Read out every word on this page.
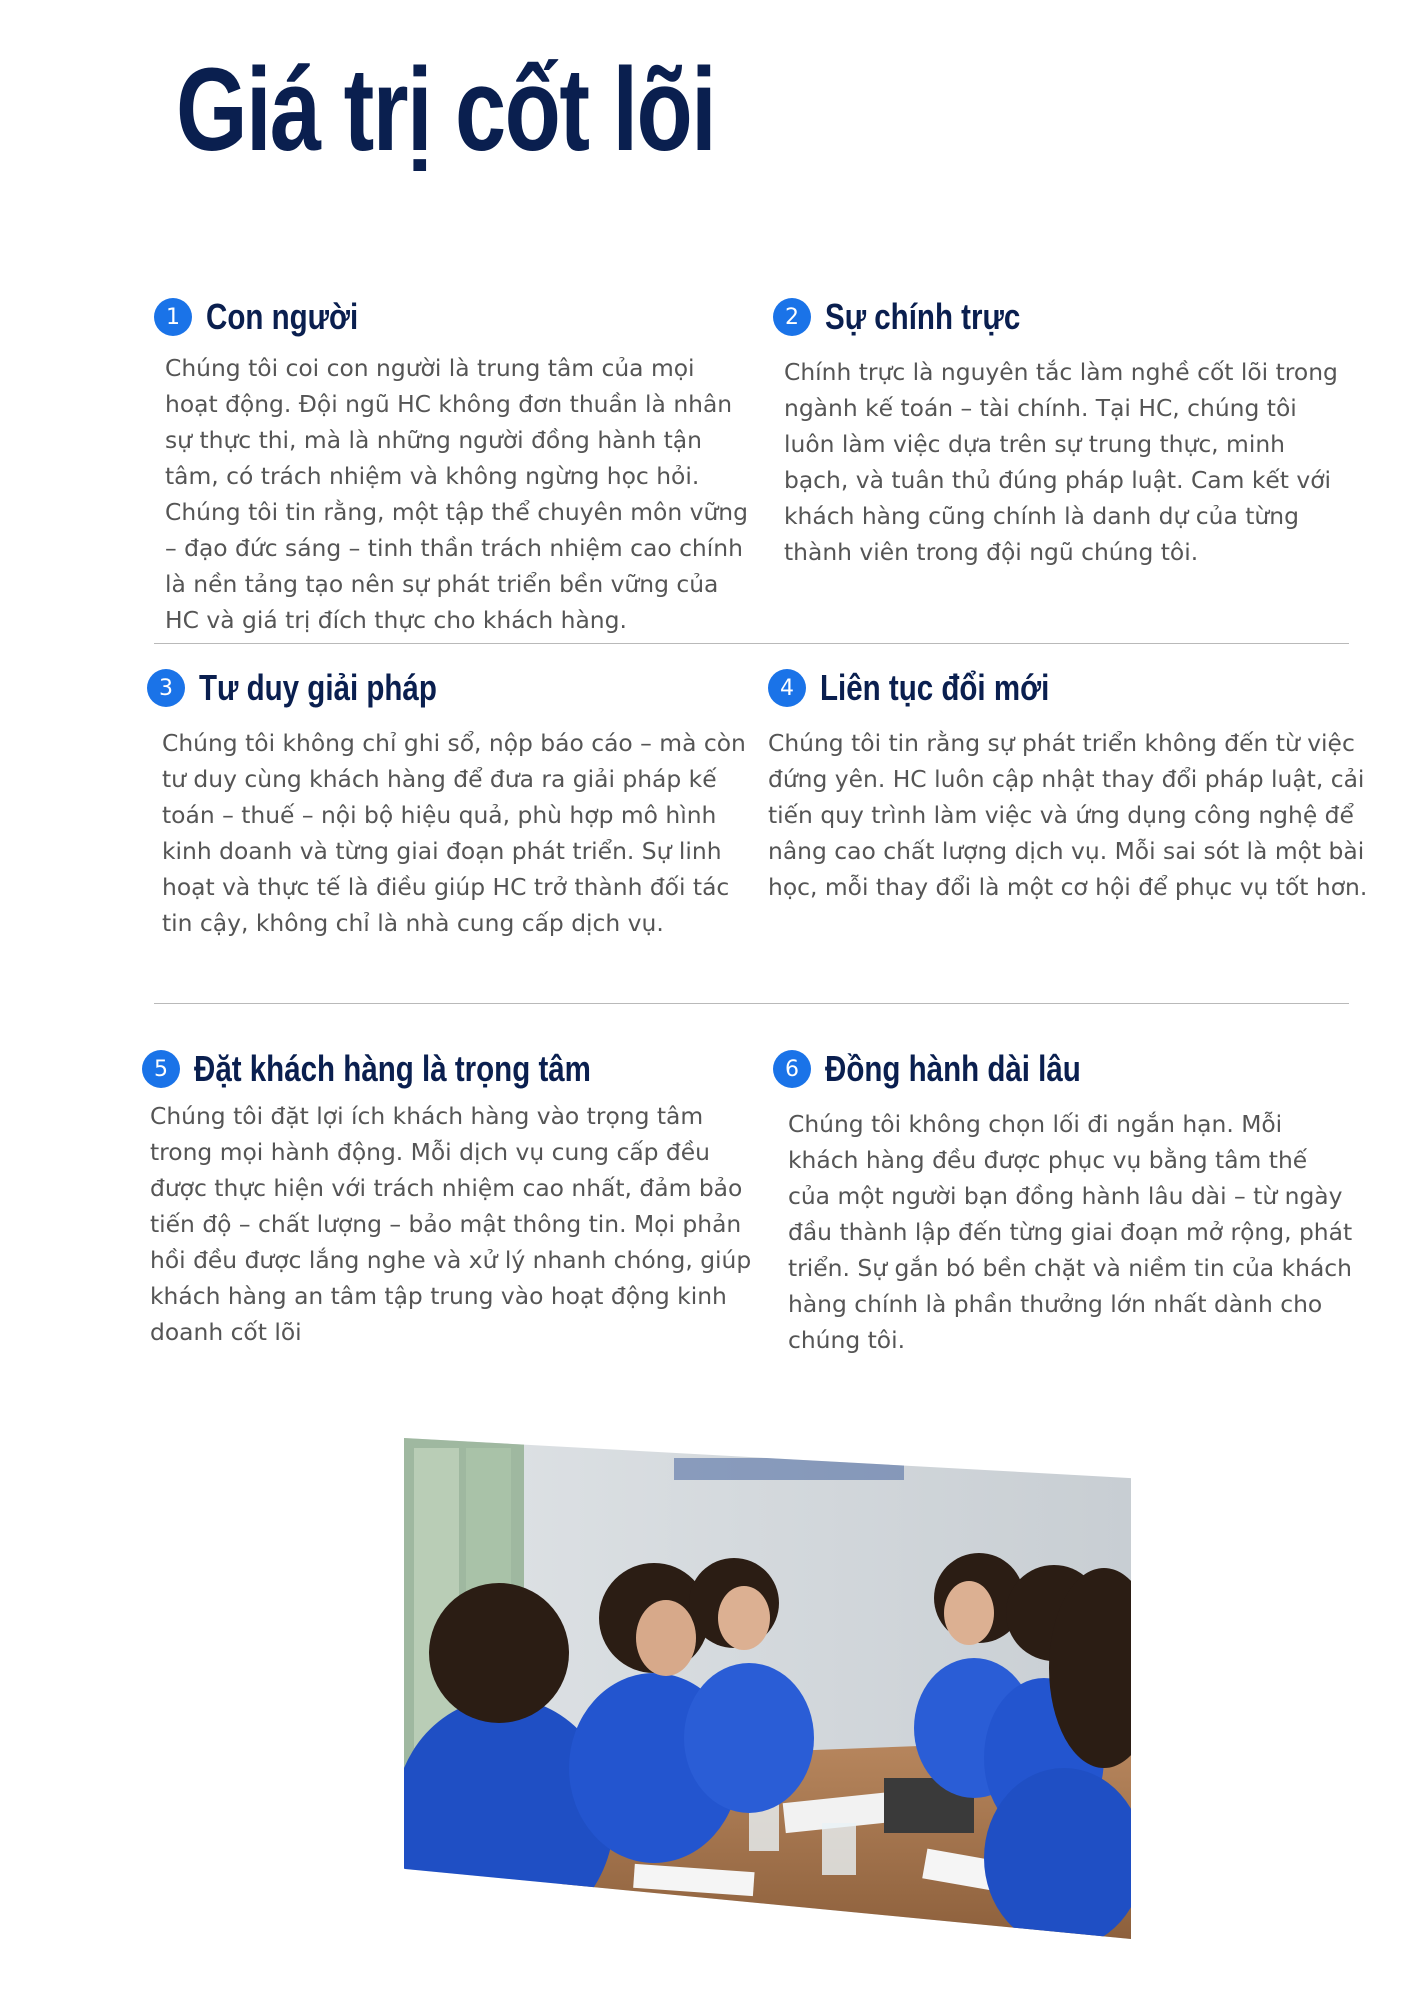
Giá trị cốt lõi
1 Con người
Chúng tôi coi con người là trung tâm của mọi hoạt động. Đội ngũ HC không đơn thuần là nhân sự thực thi, mà là những người đồng hành tận tâm, có trách nhiệm và không ngừng học hỏi. Chúng tôi tin rằng, một tập thể chuyên môn vững – đạo đức sáng – tinh thần trách nhiệm cao chính là nền tảng tạo nên sự phát triển bền vững của HC và giá trị đích thực cho khách hàng.
2 Sự chính trực
Chính trực là nguyên tắc làm nghề cốt lõi trong ngành kế toán – tài chính. Tại HC, chúng tôi luôn làm việc dựa trên sự trung thực, minh bạch, và tuân thủ đúng pháp luật. Cam kết với khách hàng cũng chính là danh dự của từng thành viên trong đội ngũ chúng tôi.
3 Tư duy giải pháp
Chúng tôi không chỉ ghi sổ, nộp báo cáo – mà còn tư duy cùng khách hàng để đưa ra giải pháp kế toán – thuế – nội bộ hiệu quả, phù hợp mô hình kinh doanh và từng giai đoạn phát triển. Sự linh hoạt và thực tế là điều giúp HC trở thành đối tác tin cậy, không chỉ là nhà cung cấp dịch vụ.
4 Liên tục đổi mới
Chúng tôi tin rằng sự phát triển không đến từ việc đứng yên. HC luôn cập nhật thay đổi pháp luật, cải tiến quy trình làm việc và ứng dụng công nghệ để nâng cao chất lượng dịch vụ. Mỗi sai sót là một bài học, mỗi thay đổi là một cơ hội để phục vụ tốt hơn.
5 Đặt khách hàng là trọng tâm
Chúng tôi đặt lợi ích khách hàng vào trọng tâm trong mọi hành động. Mỗi dịch vụ cung cấp đều được thực hiện với trách nhiệm cao nhất, đảm bảo tiến độ – chất lượng – bảo mật thông tin. Mọi phản hồi đều được lắng nghe và xử lý nhanh chóng, giúp khách hàng an tâm tập trung vào hoạt động kinh doanh cốt lõi
6 Đồng hành dài lâu
Chúng tôi không chọn lối đi ngắn hạn. Mỗi khách hàng đều được phục vụ bằng tâm thế của một người bạn đồng hành lâu dài – từ ngày đầu thành lập đến từng giai đoạn mở rộng, phát triển. Sự gắn bó bền chặt và niềm tin của khách hàng chính là phần thưởng lớn nhất dành cho chúng tôi.
